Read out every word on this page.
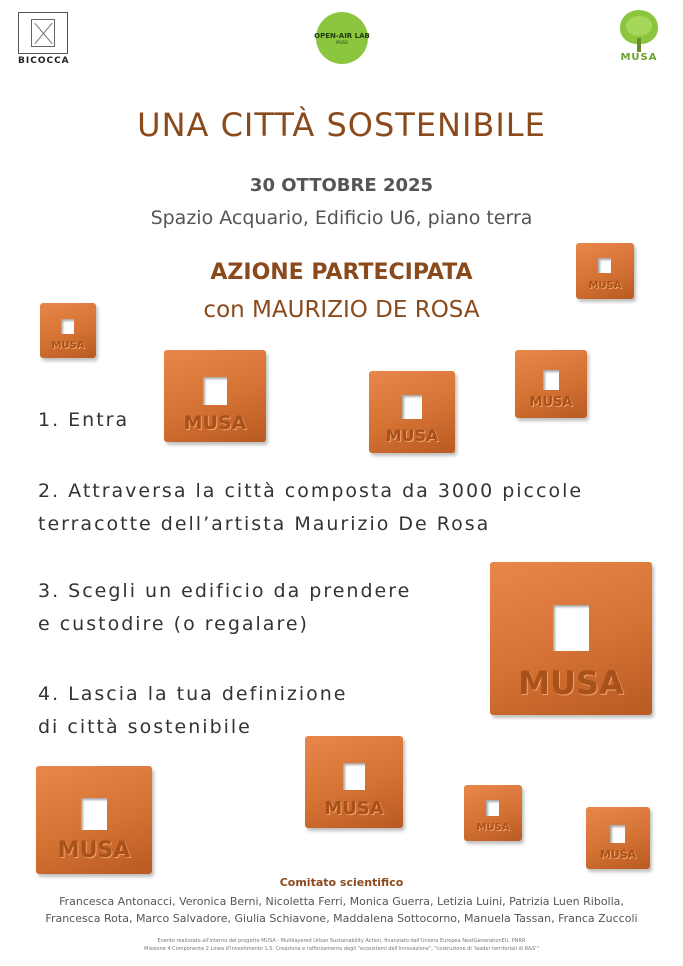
BICOCCA
OPEN-AIR LAB
MUSA
MUSA
UNA CITTÀ SOSTENIBILE
30 OTTOBRE 2025
Spazio Acquario, Edificio U6, piano terra
AZIONE PARTECIPATA
con MAURIZIO DE ROSA
1. Entra
2. Attraversa la città composta da 3000 piccole
terracotte dell’artista Maurizio De Rosa
3. Scegli un edificio da prendere
e custodire (o regalare)
4. Lascia la tua definizione
di città sostenibile
MUSA
MUSA
MUSA
MUSA
MUSA
MUSA
MUSA
MUSA
MUSA
MUSA
Comitato scientifico
Francesca Antonacci, Veronica Berni, Nicoletta Ferri, Monica Guerra, Letizia Luini, Patrizia Luen Ribolla,
Francesca Rota, Marco Salvadore, Giulia Schiavone, Maddalena Sottocorno, Manuela Tassan, Franca Zuccoli
Evento realizzato all'interno del progetto MUSA - Multilayered Urban Sustainability Action, finanziato dall'Unione Europea NextGenerationEU, PNRR
Missione 4 Componente 2 Linea d'investimento 1.5: Creazione e rafforzamento degli "ecosistemi dell'innovazione", "costruzione di 'leader territoriali di R&S'"
